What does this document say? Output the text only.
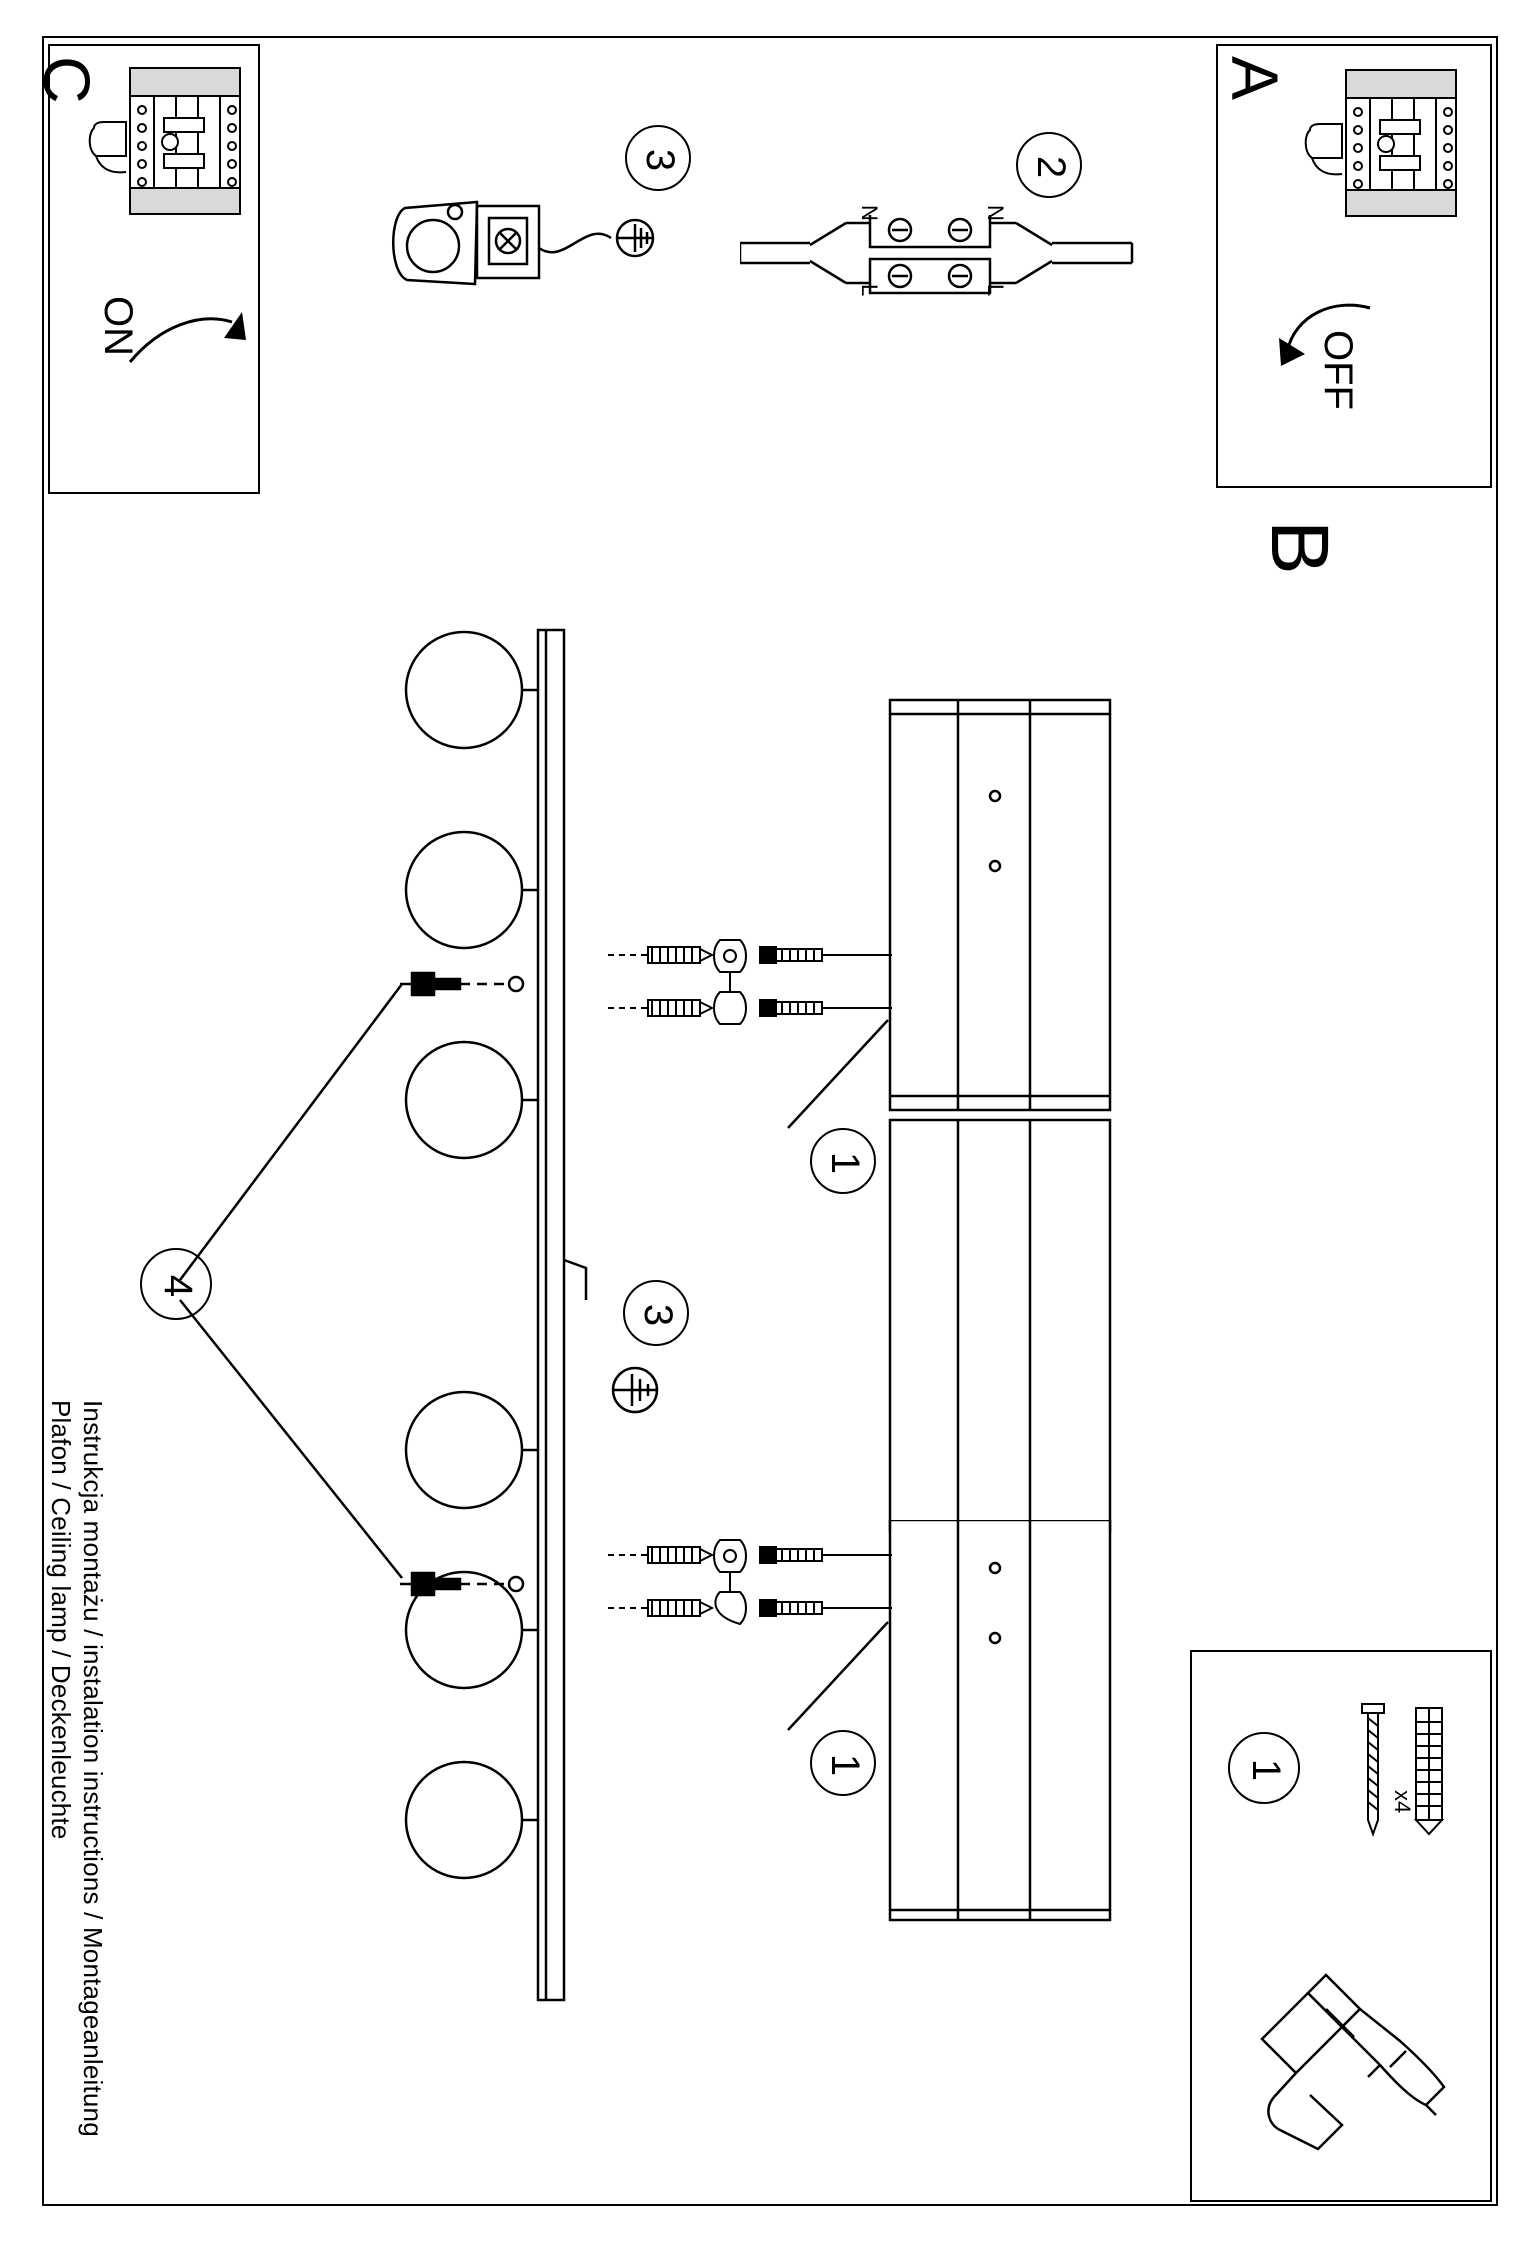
A
OFF
C
ON
B
3
N	N
L	L
2
4
3
1
1	1
x4
Instrukcja montażu / instalation instructions / Montageanleitung
Plafon / Ceiling lamp / Deckenleuchte
